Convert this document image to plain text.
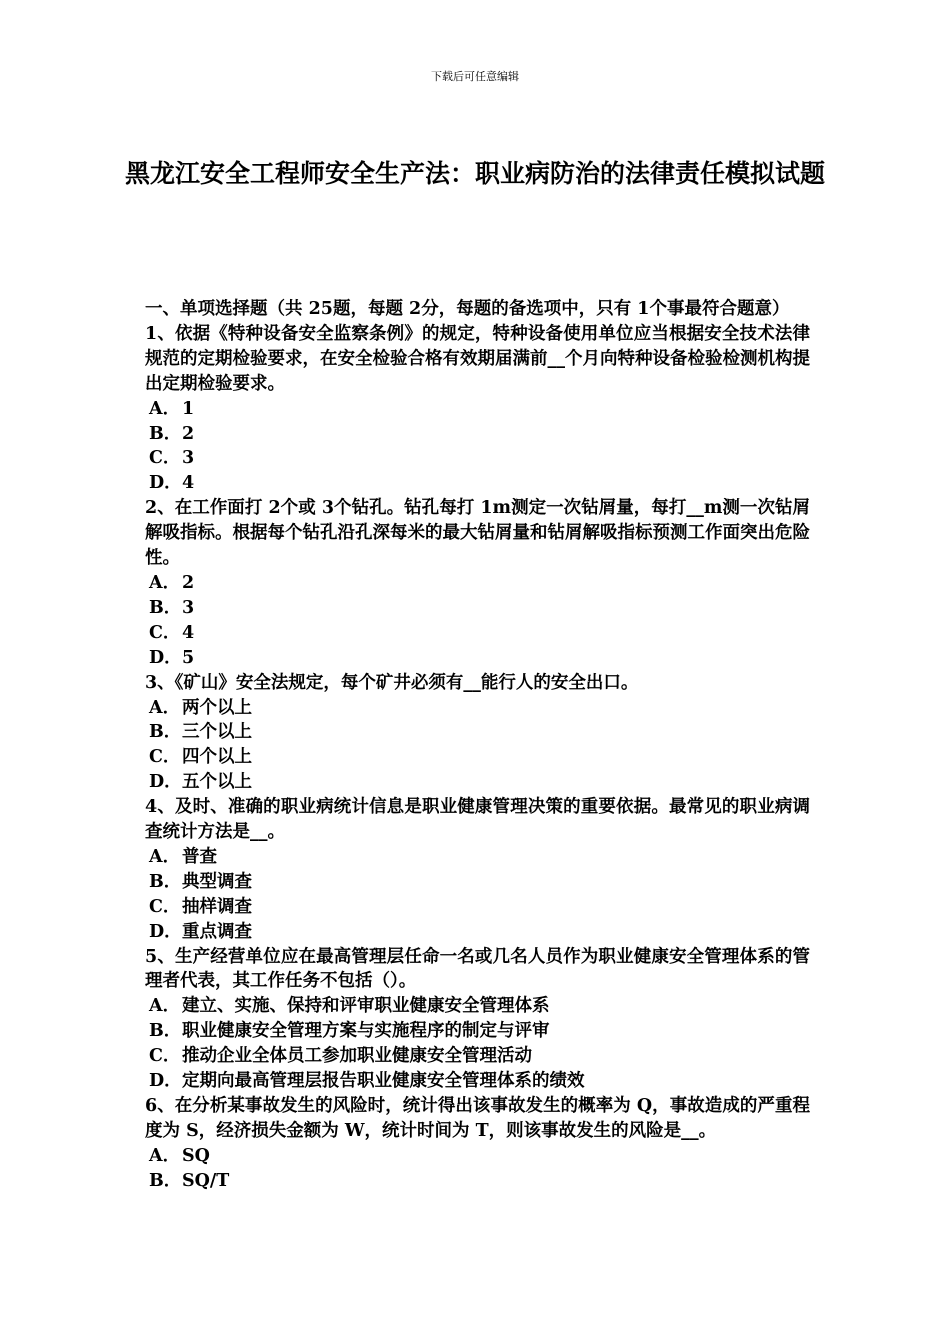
下载后可任意编辑
黑龙江安全工程师安全生产法：职业病防治的法律责任模拟试题

一、单项选择题（共 25题，每题 2分，每题的备选项中，只有 1个事最符合题意）

1、依据《特种设备安全监察条例》的规定，特种设备使用单位应当根据安全技术法律规范的定期检验要求，在安全检验合格有效期届满前__个月向特种设备检验检测机构提出定期检验要求。

A． 1

B．2

C．3

D．4

2、在工作面打 2个或 3个钻孔。钻孔每打 1m测定一次钻屑量，每打__m测一次钻屑解吸指标。根据每个钻孔沿孔深每米的最大钻屑量和钻屑解吸指标预测工作面突出危险性。

A． 2

B．3

C．4

D．5

3、《矿山》安全法规定，每个矿井必须有__能行人的安全出口。

A． 两个以上

B．三个以上

C．四个以上

D．五个以上

4、及时、准确的职业病统计信息是职业健康管理决策的重要依据。最常见的职业病调查统计方法是__。

A． 普查

B．典型调查

C．抽样调查

D．重点调查

5、生产经营单位应在最高管理层任命一名或几名人员作为职业健康安全管理体系的管理者代表，其工作任务不包括（）。

A． 建立、实施、保持和评审职业健康安全管理体系

B．职业健康安全管理方案与实施程序的制定与评审

C．推动企业全体员工参加职业健康安全管理活动

D．定期向最高管理层报告职业健康安全管理体系的绩效

6、在分析某事故发生的风险时，统计得出该事故发生的概率为 Q，事故造成的严重程度为 S，经济损失金额为 W，统计时间为 T，则该事故发生的风险是__。

A． SQ

B．SQ/T
